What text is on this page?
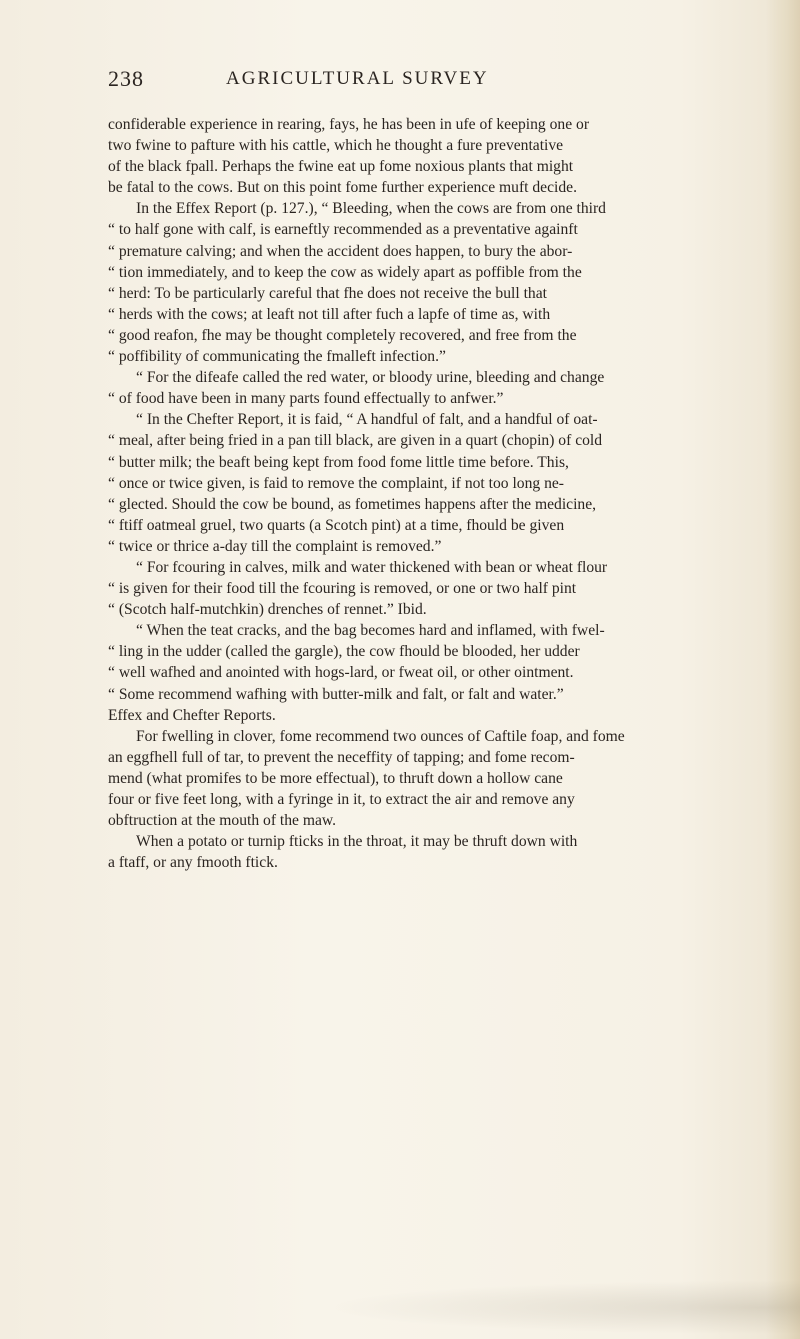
238	AGRICULTURAL SURVEY
confiderable experience in rearing, fays, he has been in ufe of keeping one or
two fwine to pafture with his cattle, which he thought a fure preventative
of the black fpall. Perhaps the fwine eat up fome noxious plants that might
be fatal to the cows. But on this point fome further experience muft decide.
In the Effex Report (p. 127.), “ Bleeding, when the cows are from one third
“ to half gone with calf, is earneftly recommended as a preventative againft
“ premature calving; and when the accident does happen, to bury the abor-
“ tion immediately, and to keep the cow as widely apart as poffible from the
“ herd: To be particularly careful that fhe does not receive the bull that
“ herds with the cows; at leaft not till after fuch a lapfe of time as, with
“ good reafon, fhe may be thought completely recovered, and free from the
“ poffibility of communicating the fmalleft infection.”
“ For the difeafe called the red water, or bloody urine, bleeding and change
“ of food have been in many parts found effectually to anfwer.”
“ In the Chefter Report, it is faid, “ A handful of falt, and a handful of oat-
“ meal, after being fried in a pan till black, are given in a quart (chopin) of cold
“ butter milk; the beaft being kept from food fome little time before. This,
“ once or twice given, is faid to remove the complaint, if not too long ne-
“ glected. Should the cow be bound, as fometimes happens after the medicine,
“ ftiff oatmeal gruel, two quarts (a Scotch pint) at a time, fhould be given
“ twice or thrice a-day till the complaint is removed.”
“ For fcouring in calves, milk and water thickened with bean or wheat flour
“ is given for their food till the fcouring is removed, or one or two half pint
“ (Scotch half-mutchkin) drenches of rennet.” Ibid.
“ When the teat cracks, and the bag becomes hard and inflamed, with fwel-
“ ling in the udder (called the gargle), the cow fhould be blooded, her udder
“ well wafhed and anointed with hogs-lard, or fweat oil, or other ointment.
“ Some recommend wafhing with butter-milk and falt, or falt and water.”
Effex and Chefter Reports.
For fwelling in clover, fome recommend two ounces of Caftile foap, and fome
an eggfhell full of tar, to prevent the neceffity of tapping; and fome recom-
mend (what promifes to be more effectual), to thruft down a hollow cane
four or five feet long, with a fyringe in it, to extract the air and remove any
obftruction at the mouth of the maw.
When a potato or turnip fticks in the throat, it may be thruft down with
a ftaff, or any fmooth ftick.
